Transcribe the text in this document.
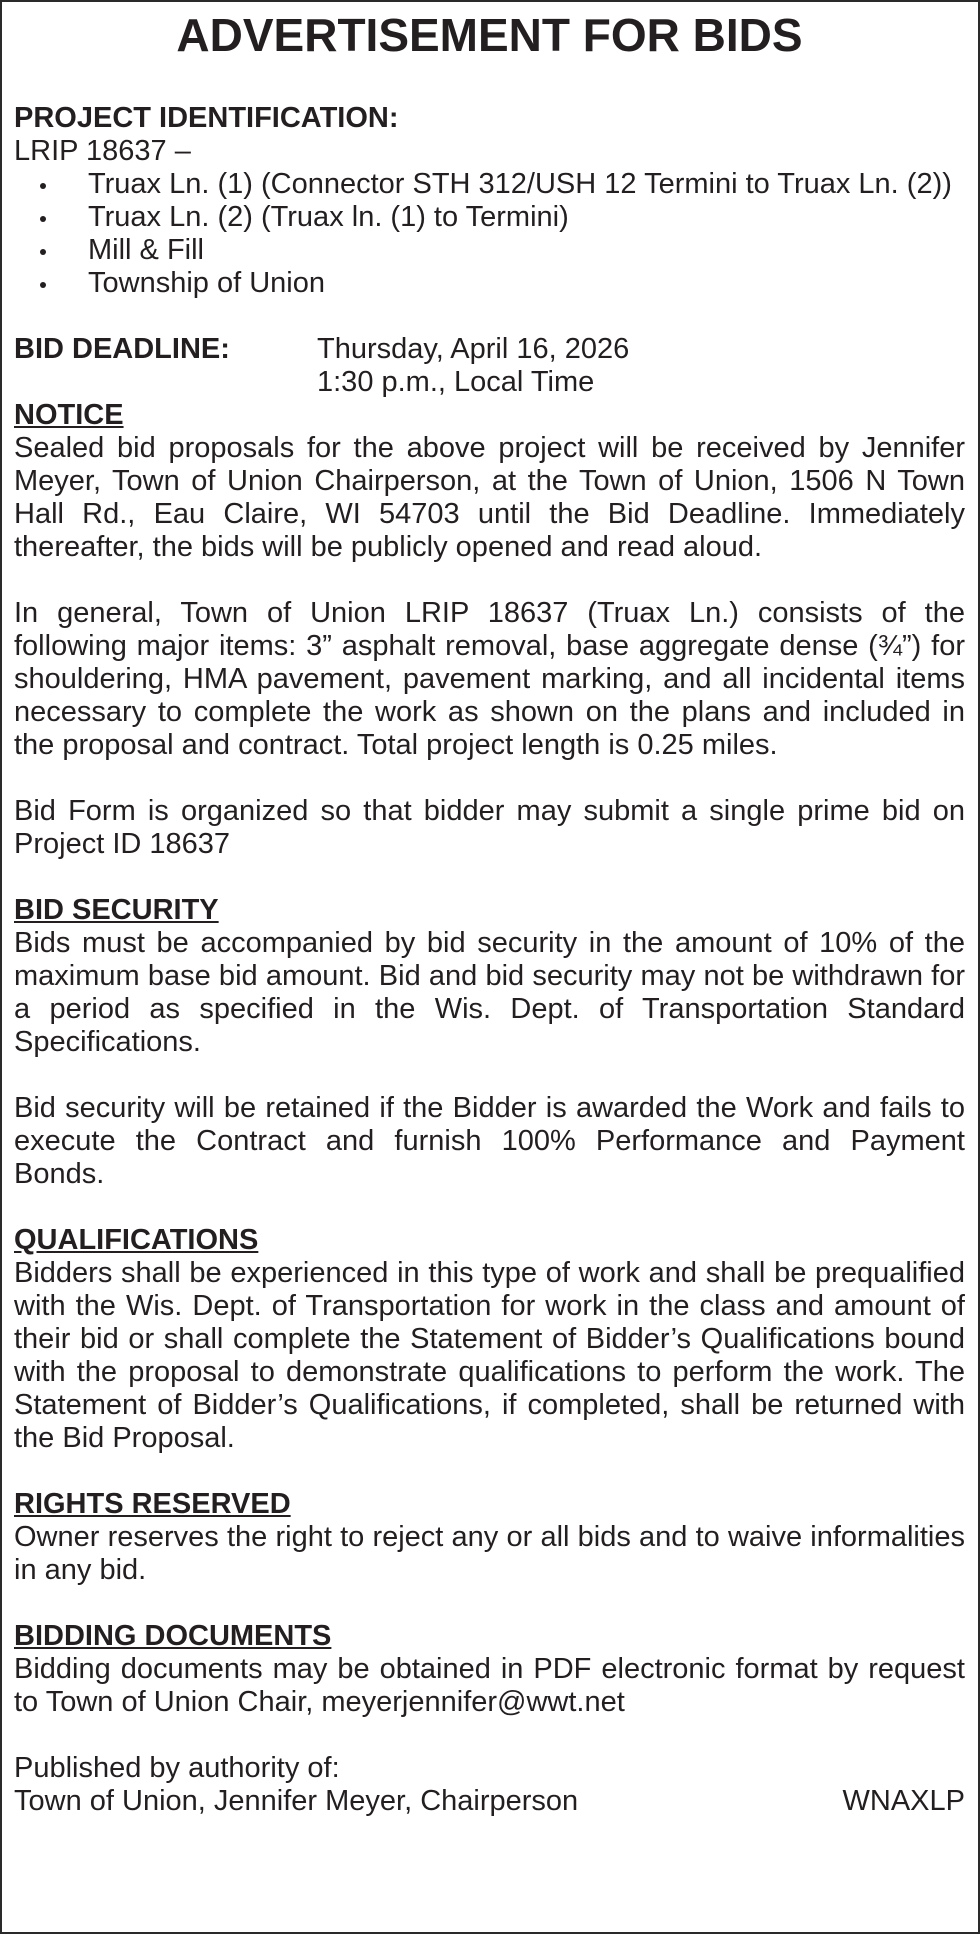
ADVERTISEMENT FOR BIDS
PROJECT IDENTIFICATION:
LRIP 18637 –
Truax Ln. (1) (Connector STH 312/USH 12 Termini to Truax Ln. (2))
Truax Ln. (2) (Truax ln. (1) to Termini)
Mill & Fill
Township of Union
BID DEADLINE:	Thursday, April 16, 2026
1:30 p.m., Local Time
NOTICE

Sealed bid proposals for the above project will be received by Jennifer Meyer, Town of Union Chairperson, at the Town of Union, 1506 N Town Hall Rd., Eau Claire, WI 54703 until the Bid Deadline. Immediately thereafter, the bids will be publicly opened and read aloud.

In general, Town of Union LRIP 18637 (Truax Ln.) consists of the following major items: 3” asphalt removal, base aggregate dense (¾”) for shouldering, HMA pavement, pavement marking, and all incidental items necessary to complete the work as shown on the plans and included in the proposal and contract. Total project length is 0.25 miles.

Bid Form is organized so that bidder may submit a single prime bid on Project ID 18637

BID SECURITY

Bids must be accompanied by bid security in the amount of 10% of the maximum base bid amount. Bid and bid security may not be withdrawn for a period as specified in the Wis. Dept. of Transportation Standard Specifications.

Bid security will be retained if the Bidder is awarded the Work and fails to execute the Contract and furnish 100% Performance and Payment Bonds.

QUALIFICATIONS

Bidders shall be experienced in this type of work and shall be prequalified with the Wis. Dept. of Transportation for work in the class and amount of their bid or shall complete the Statement of Bidder’s Qualifications bound with the proposal to demonstrate qualifications to perform the work. The Statement of Bidder’s Qualifications, if completed, shall be returned with the Bid Proposal.

RIGHTS RESERVED

Owner reserves the right to reject any or all bids and to waive informalities in any bid.

BIDDING DOCUMENTS

Bidding documents may be obtained in PDF electronic format by request to Town of Union Chair, meyerjennifer@wwt.net

Published by authority of:
Town of Union, Jennifer Meyer, Chairperson	WNAXLP
